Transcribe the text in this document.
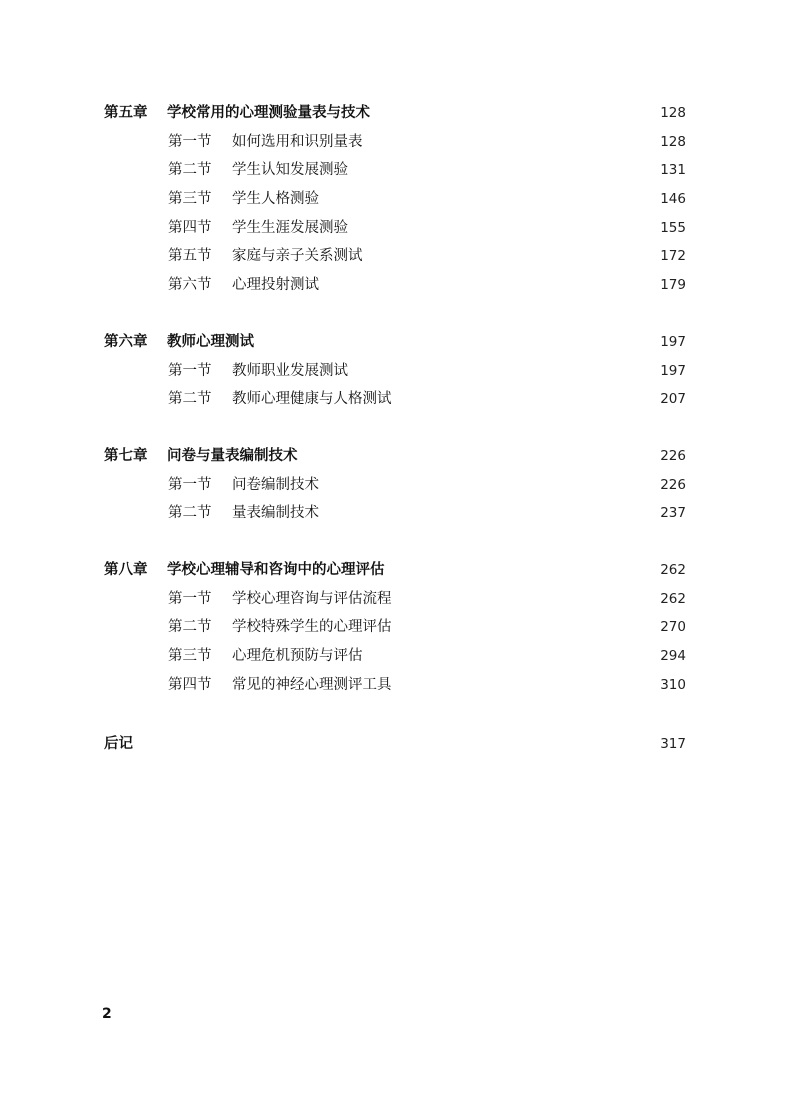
第五章 学校常用的心理测验量表与技术	128
第一节 如何选用和识别量表	128
第二节 学生认知发展测验	131
第三节 学生人格测验	146
第四节 学生生涯发展测验	155
第五节 家庭与亲子关系测试	172
第六节 心理投射测试	179
第六章 教师心理测试	197
第一节 教师职业发展测试	197
第二节 教师心理健康与人格测试	207
第七章 问卷与量表编制技术	226
第一节 问卷编制技术	226
第二节 量表编制技术	237
第八章 学校心理辅导和咨询中的心理评估	262
第一节 学校心理咨询与评估流程	262
第二节 学校特殊学生的心理评估	270
第三节 心理危机预防与评估	294
第四节 常见的神经心理测评工具	310
后记	317
2
